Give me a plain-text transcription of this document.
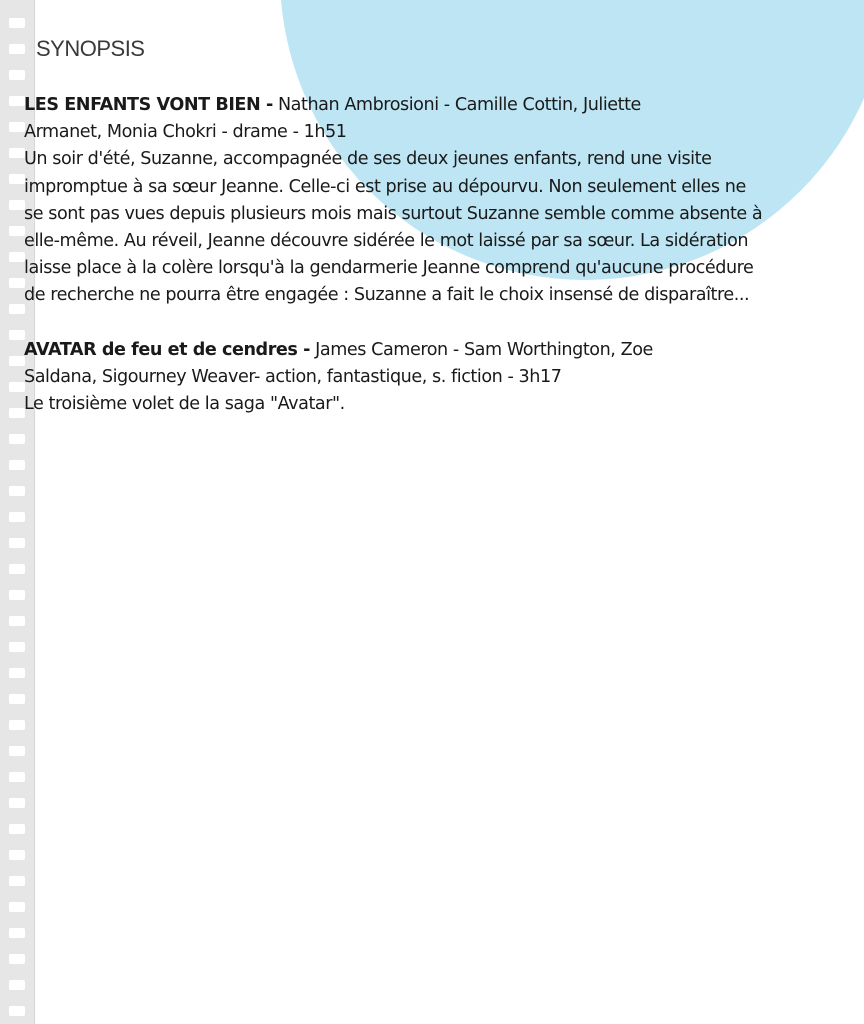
SYNOPSIS
LES ENFANTS VONT BIEN - Nathan Ambrosioni - Camille Cottin, Juliette
Armanet, Monia Chokri - drame - 1h51
Un soir d'été, Suzanne, accompagnée de ses deux jeunes enfants, rend une visite
impromptue à sa sœur Jeanne. Celle-ci est prise au dépourvu. Non seulement elles ne
se sont pas vues depuis plusieurs mois mais surtout Suzanne semble comme absente à
elle-même. Au réveil, Jeanne découvre sidérée le mot laissé par sa sœur. La sidération
laisse place à la colère lorsqu'à la gendarmerie Jeanne comprend qu'aucune procédure
de recherche ne pourra être engagée : Suzanne a fait le choix insensé de disparaître...
AVATAR de feu et de cendres - James Cameron - Sam Worthington, Zoe
Saldana, Sigourney Weaver- action, fantastique, s. fiction - 3h17
Le troisième volet de la saga "Avatar".
